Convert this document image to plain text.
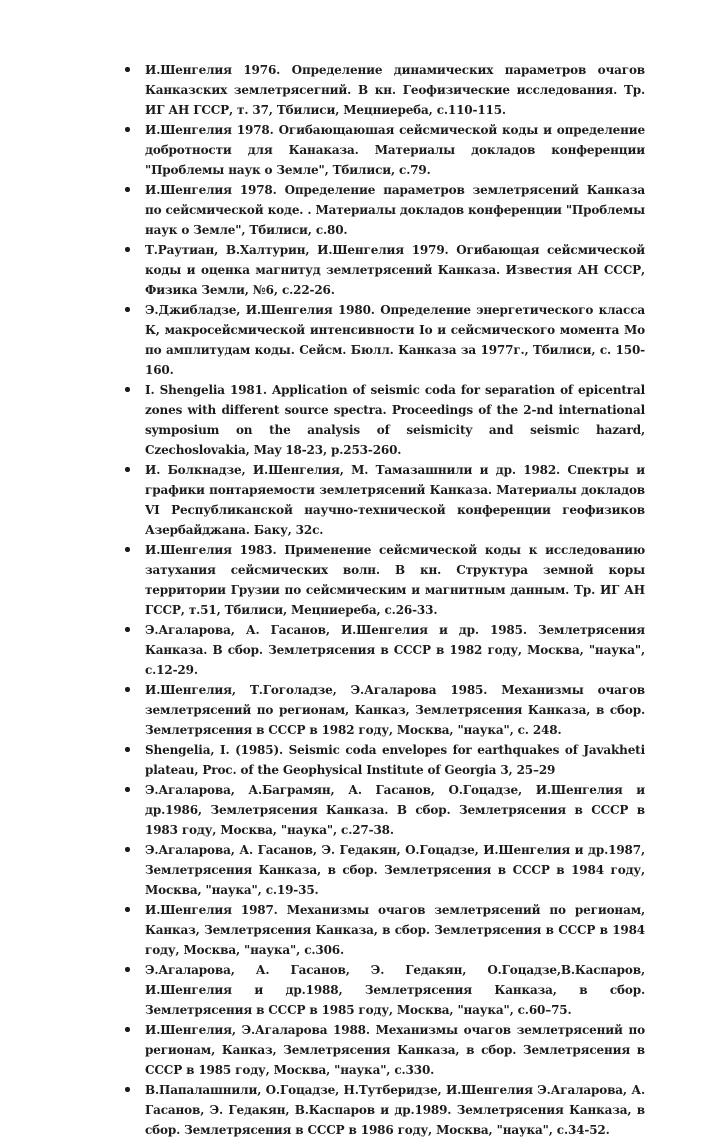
И.Шенгелия 1976. Определение динамических параметров очагов Канказских землетрясегний. В кн. Геофизические исследования. Тр. ИГ АН ГССР, т. 37, Тбилиси, Мецниереба, с.110-115.
И.Шенгелия 1978. Огибающаюшая сейсмической коды и определение добротности для Канаказа. Материалы докладов конференции "Проблемы наук о Земле", Тбилиси, с.79.
И.Шенгелия 1978. Определение параметров землетрясений Канказа по сейсмической коде. . Материалы докладов конференции "Проблемы наук о Земле", Тбилиси, с.80.
Т.Раутиан, В.Халтурин, И.Шенгелия 1979. Огибающая сейсмической коды и оценка магнитуд землетрясений Канказа. Известия АН СССР, Физика Земли, №6, с.22-26.
Э.Джибладзе, И.Шенгелия 1980. Определение энергетического класса К, макросейсмической интенсивности Io и сейсмического момента Мо по амплитудам коды. Сейсм. Бюлл. Канказа за 1977г., Тбилиси, с. 150-160.
I. Shengelia 1981. Application of seismic coda for separation of epicentral zones with different source spectra. Proceedings of the 2-nd international symposium on the analysis of seismicity and seismic hazard, Czechoslovakia, May 18-23, p.253-260.
И. Болкнадзе, И.Шенгелия, М. Тамазашнили и др. 1982. Спектры и графики понтаряемости землетрясений Канказа. Материалы докладов VI Республиканской научно-технической конференции геофизиков Азербайджана. Баку, 32с.
И.Шенгелия 1983. Применение сейсмической коды к исследованию затухания сейсмических волн. В кн. Структура земной коры территории Грузии по сейсмическим и магнитным данным. Тр. ИГ АН ГССР, т.51, Тбилиси, Мецниереба, с.26-33.
Э.Агаларова, А. Гасанов, И.Шенгелия и др. 1985. Землетрясения Канказа. В сбор. Землетрясения в СССР в 1982 году, Москва, "наука", с.12-29.
И.Шенгелия, Т.Гоголадзе, Э.Агаларова 1985. Механизмы очагов землетрясений по регионам, Канказ, Землетрясения Канказа, в сбор. Землетрясения в СССР в 1982 году, Москва, "наука", с. 248.
Shengelia, I. (1985). Seismic coda envelopes for earthquakes of Javakheti plateau, Proc. of the Geophysical Institute of Georgia 3, 25–29
Э.Агаларова, А.Баграмян, А. Гасанов, О.Гоцадзе, И.Шенгелия и др.1986, Землетрясения Канказа. В сбор. Землетрясения в СССР в 1983 году, Москва, "наука", с.27-38.
Э.Агаларова, А. Гасанов, Э. Гедакян, О.Гоцадзе, И.Шенгелия и др.1987, Землетрясения Канказа, в сбор. Землетрясения в СССР в 1984 году, Москва, "наука", с.19-35.
И.Шенгелия 1987. Механизмы очагов землетрясений по регионам, Канказ, Землетрясения Канказа, в сбор. Землетрясения в СССР в 1984 году, Москва, "наука", с.306.
Э.Агаларова, А. Гасанов, Э. Гедакян, О.Гоцадзе,В.Каспаров, И.Шенгелия и др.1988, Землетрясения Канказа, в сбор. Землетрясения в СССР в 1985 году, Москва, "наука", с.60–75.
И.Шенгелия, Э.Агаларова 1988. Механизмы очагов землетрясений по регионам, Канказ, Землетрясения Канказа, в сбор. Землетрясения в СССР в 1985 году, Москва, "наука", с.330.
В.Папалашнили, О.Гоцадзе, Н.Тутберидзе, И.Шенгелия Э.Агаларова, А. Гасанов, Э. Гедакян, В.Каспаров и др.1989. Землетрясения Канказа, в сбор. Землетрясения в СССР в 1986 году, Москва, "наука", с.34-52.
